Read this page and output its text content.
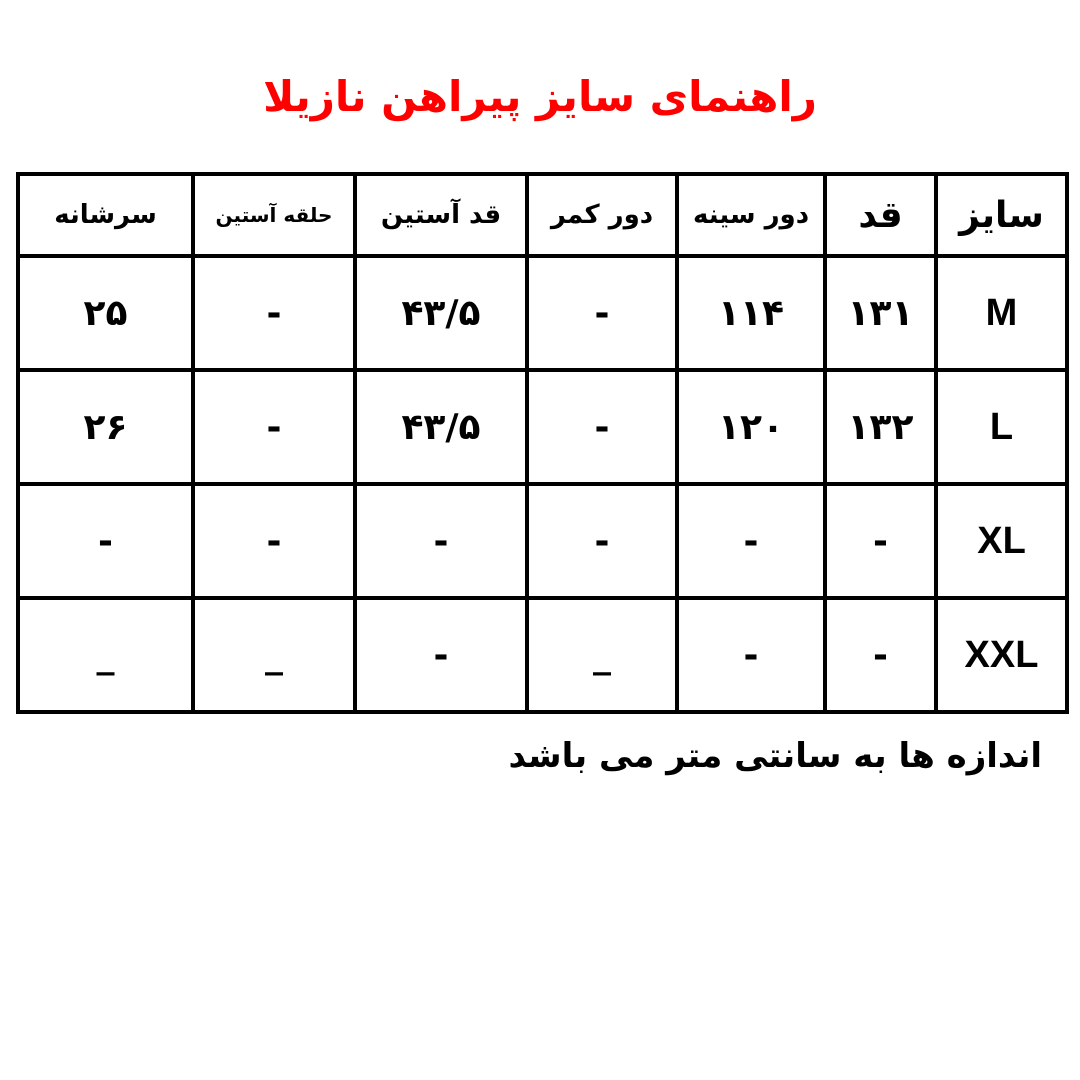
راهنمای سایز پیراهن نازیلا
سایز	قد	دور سینه	دور کمر	قد آستین	حلقه آستین	سرشانه
M	۱۳۱	۱۱۴	-	۴۳/۵	-	۲۵
L	۱۳۲	۱۲۰	-	۴۳/۵	-	۲۶
XL	-	-	-	-	-	-
XXL	-	-	_	-	_	_
اندازه ها به سانتی متر می باشد
